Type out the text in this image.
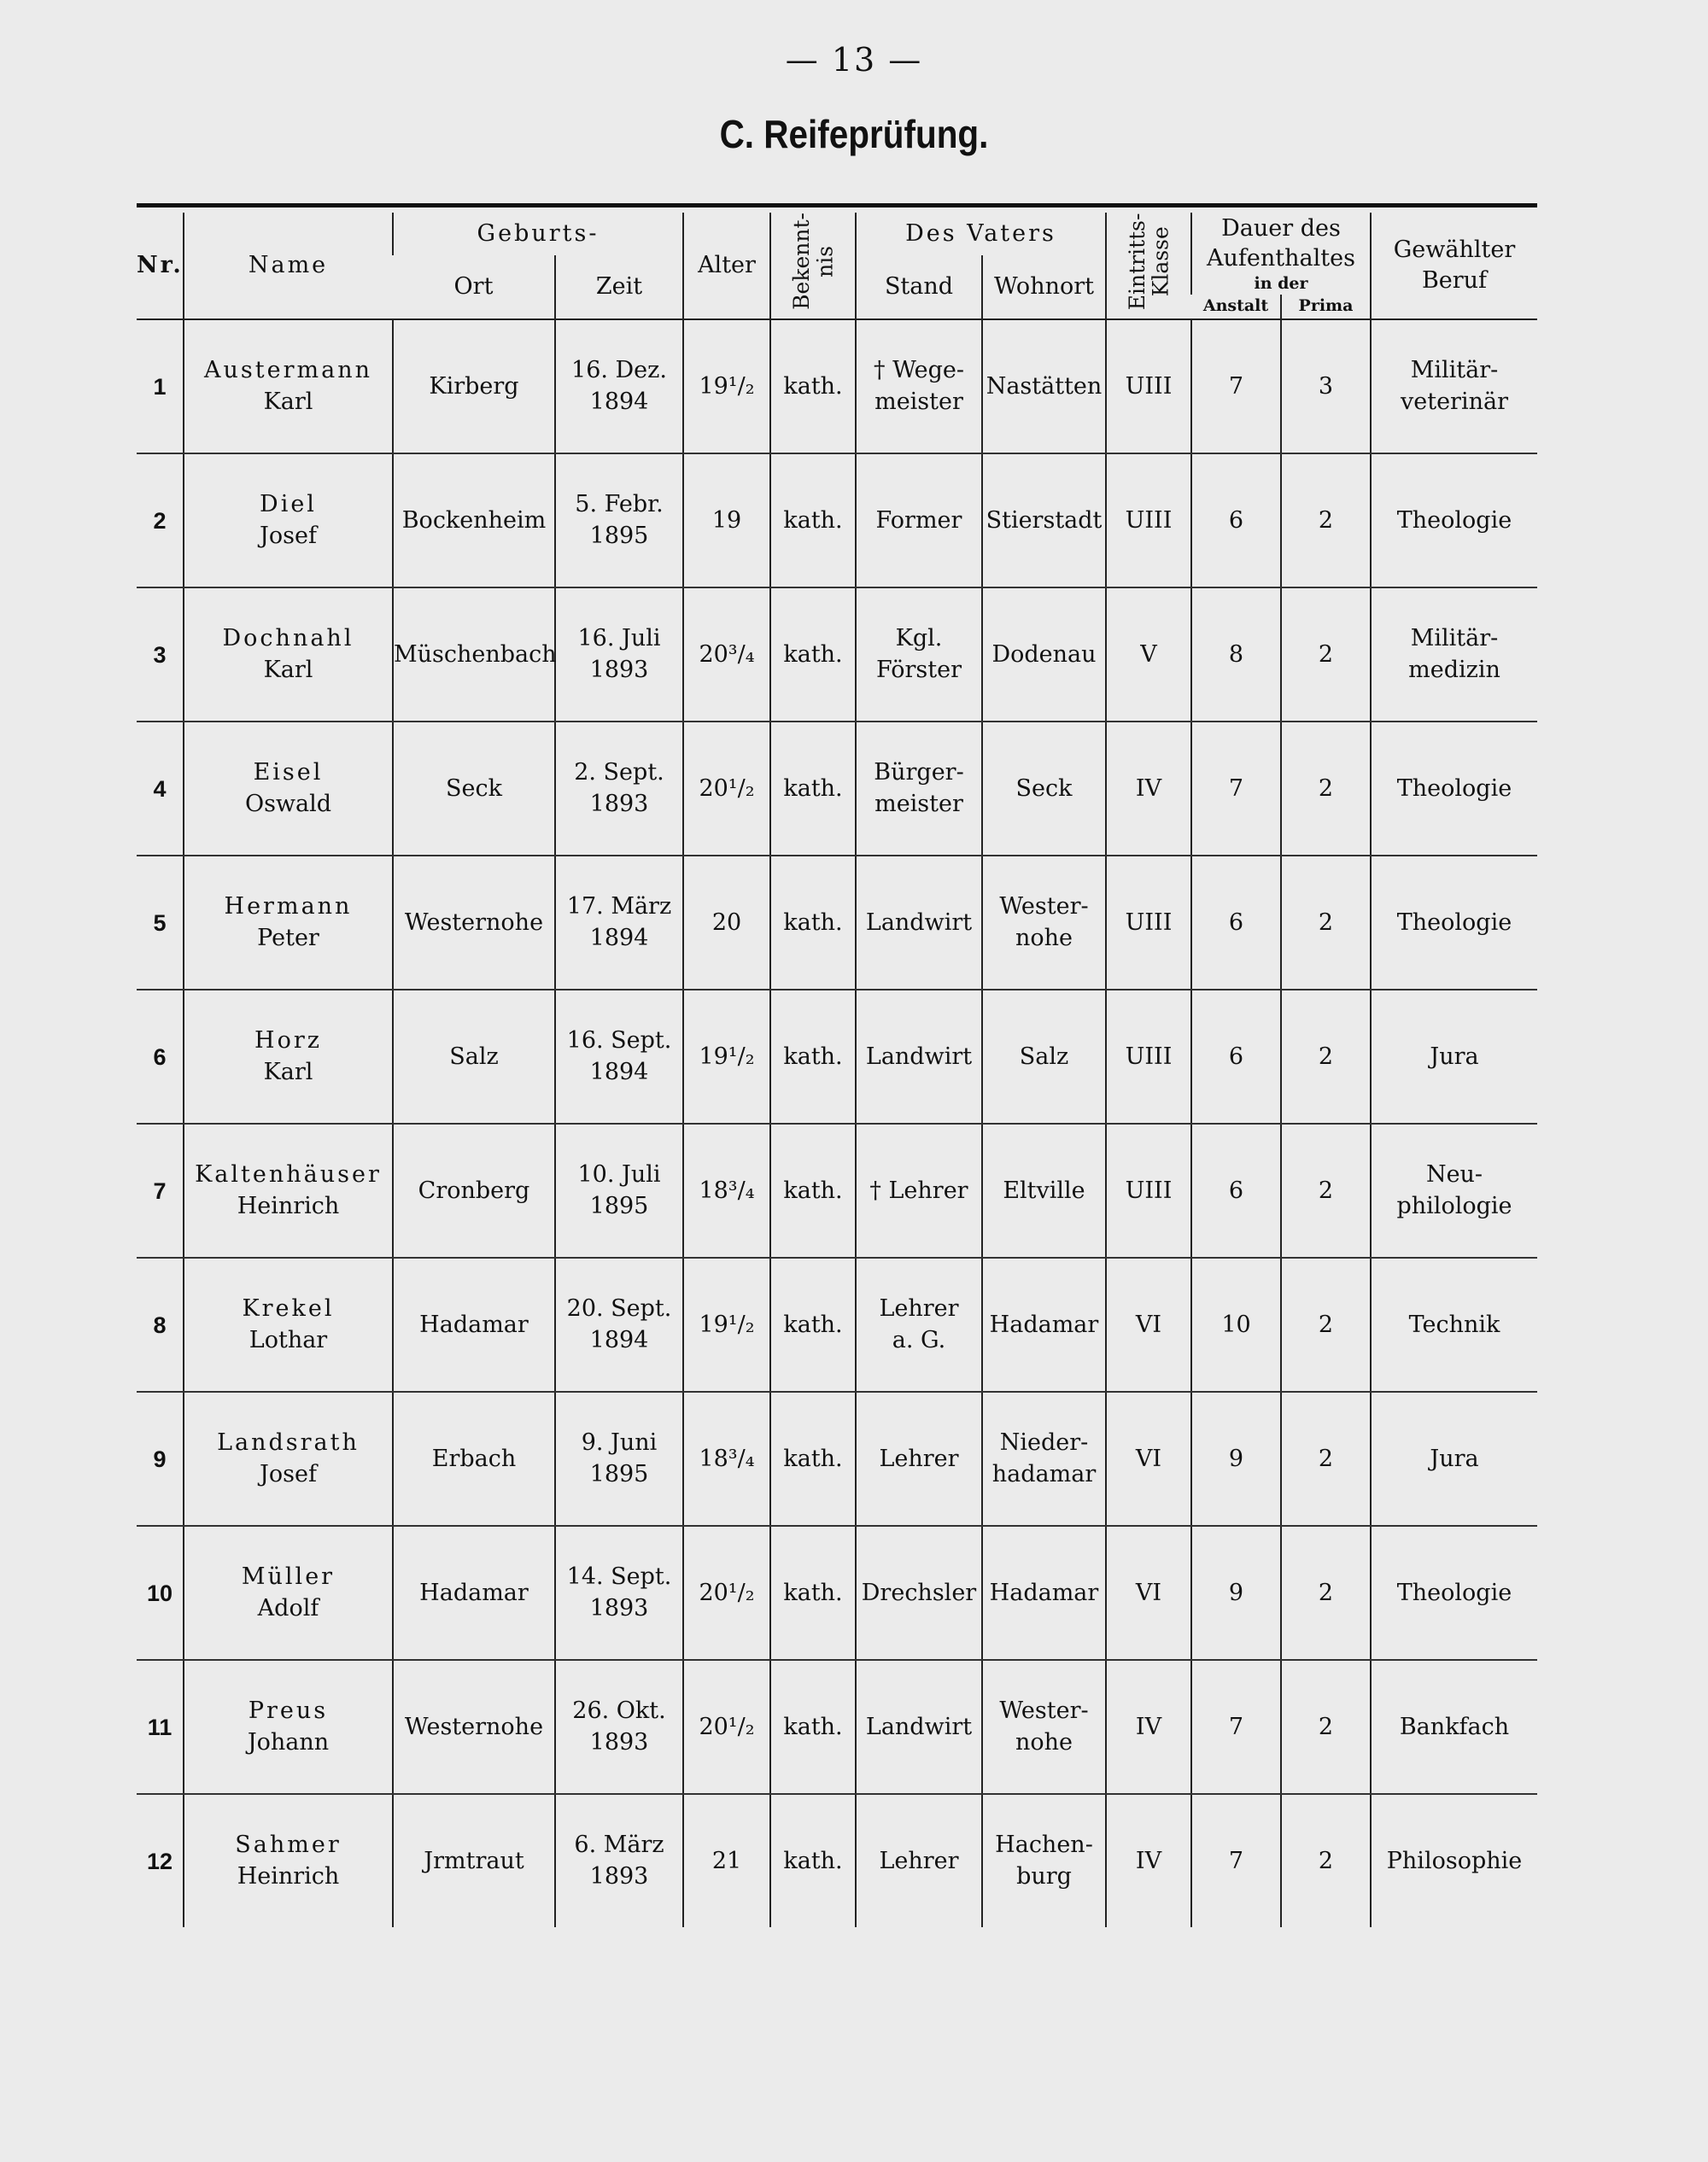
— 13 —
C. Reifeprüfung.
Nr.	Name	Geburts-		Alter	Bekennt-nis	Des Vaters		Eintritts-Klasse	Dauer des Aufenthaltes
in der		Gewählter Beruf
		Ort	Zeit			Stand	Wohnort				
									Anstalt	Prima	
1	Austermann
Karl	Kirberg	16. Dez.
1894	19¹/₂	kath.	† Wege-
meister	Nastätten	UIII	7	3	Militär-
veterinär

2	Diel
Josef	Bockenheim	5. Febr.
1895	19	kath.	Former	Stierstadt	UIII	6	2	Theologie

3	Dochnahl
Karl	Müschenbach	16. Juli
1893	20³/₄	kath.	Kgl.
Förster	Dodenau	V	8	2	Militär-
medizin

4	Eisel
Oswald	Seck	2. Sept.
1893	20¹/₂	kath.	Bürger-
meister	Seck	IV	7	2	Theologie

5	Hermann
Peter	Westernohe	17. März
1894	20	kath.	Landwirt	Wester-
nohe	UIII	6	2	Theologie

6	Horz
Karl	Salz	16. Sept.
1894	19¹/₂	kath.	Landwirt	Salz	UIII	6	2	Jura

7	Kaltenhäuser
Heinrich	Cronberg	10. Juli
1895	18³/₄	kath.	† Lehrer	Eltville	UIII	6	2	Neu-
philologie

8	Krekel
Lothar	Hadamar	20. Sept.
1894	19¹/₂	kath.	Lehrer
a. G.	Hadamar	VI	10	2	Technik

9	Landsrath
Josef	Erbach	9. Juni
1895	18³/₄	kath.	Lehrer	Nieder-
hadamar	VI	9	2	Jura

10	Müller
Adolf	Hadamar	14. Sept.
1893	20¹/₂	kath.	Drechsler	Hadamar	VI	9	2	Theologie

11	Preus
Johann	Westernohe	26. Okt.
1893	20¹/₂	kath.	Landwirt	Wester-
nohe	IV	7	2	Bankfach

12	Sahmer
Heinrich	Jrmtraut	6. März
1893	21	kath.	Lehrer	Hachen-
burg	IV	7	2	Philosophie
